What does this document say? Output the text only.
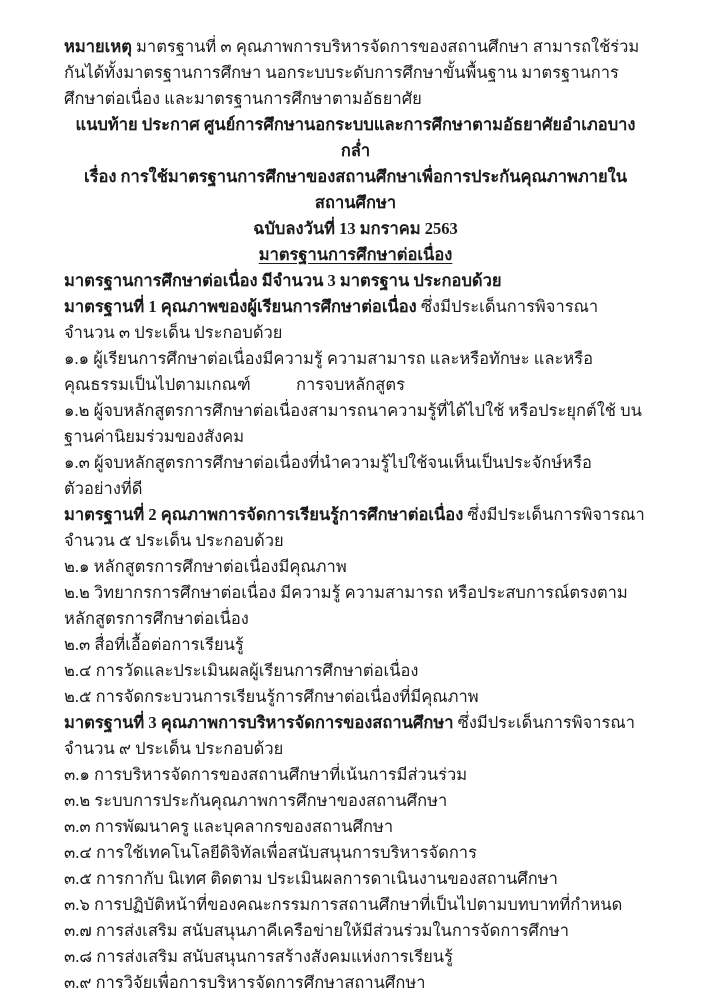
หมายเหตุ มาตรฐานที่ ๓ คุณภาพการบริหารจัดการของสถานศึกษา สามารถใช้ร่วมกันได้ทั้งมาตรฐานการศึกษา นอกระบบระดับการศึกษาขั้นพื้นฐาน มาตรฐานการศึกษาต่อเนื่อง และมาตรฐานการศึกษาตามอัธยาศัย

แนบท้าย ประกาศ ศูนย์การศึกษานอกระบบและการศึกษาตามอัธยาศัยอำเภอบางกล่ำ

เรื่อง การใช้มาตรฐานการศึกษาของสถานศึกษาเพื่อการประกันคุณภาพภายในสถานศึกษา

ฉบับลงวันที่ 13 มกราคม 2563

มาตรฐานการศึกษาต่อเนื่อง

มาตรฐานการศึกษาต่อเนื่อง มีจำนวน 3 มาตรฐาน ประกอบด้วย

มาตรฐานที่ 1 คุณภาพของผู้เรียนการศึกษาต่อเนื่อง ซึ่งมีประเด็นการพิจารณา จำนวน ๓ ประเด็น ประกอบด้วย

๑.๑ ผู้เรียนการศึกษาต่อเนื่องมีความรู้ ความสามารถ และหรือทักษะ และหรือคุณธรรมเป็นไปตามเกณฑ์           การจบหลักสูตร

๑.๒ ผู้จบหลักสูตรการศึกษาต่อเนื่องสามารถนาความรู้ที่ได้ไปใช้ หรือประยุกต์ใช้ บนฐานค่านิยมร่วมของสังคม

๑.๓ ผู้จบหลักสูตรการศึกษาต่อเนื่องที่นำความรู้ไปใช้จนเห็นเป็นประจักษ์หรือตัวอย่างที่ดี

มาตรฐานที่ 2 คุณภาพการจัดการเรียนรู้การศึกษาต่อเนื่อง ซึ่งมีประเด็นการพิจารณา จำนวน ๕ ประเด็น ประกอบด้วย

๒.๑ หลักสูตรการศึกษาต่อเนื่องมีคุณภาพ

๒.๒ วิทยากรการศึกษาต่อเนื่อง มีความรู้ ความสามารถ หรือประสบการณ์ตรงตามหลักสูตรการศึกษาต่อเนื่อง

๒.๓ สื่อที่เอื้อต่อการเรียนรู้

๒.๔ การวัดและประเมินผลผู้เรียนการศึกษาต่อเนื่อง

๒.๕ การจัดกระบวนการเรียนรู้การศึกษาต่อเนื่องที่มีคุณภาพ

มาตรฐานที่ 3 คุณภาพการบริหารจัดการของสถานศึกษา ซึ่งมีประเด็นการพิจารณา จำนวน ๙ ประเด็น ประกอบด้วย

๓.๑ การบริหารจัดการของสถานศึกษาที่เน้นการมีส่วนร่วม

๓.๒ ระบบการประกันคุณภาพการศึกษาของสถานศึกษา

๓.๓ การพัฒนาครู และบุคลากรของสถานศึกษา

๓.๔ การใช้เทคโนโลยีดิจิทัลเพื่อสนับสนุนการบริหารจัดการ

๓.๕ การกากับ นิเทศ ติดตาม ประเมินผลการดาเนินงานของสถานศึกษา

๓.๖ การปฏิบัติหน้าที่ของคณะกรรมการสถานศึกษาที่เป็นไปตามบทบาทที่กำหนด

๓.๗ การส่งเสริม สนับสนุนภาคีเครือข่ายให้มีส่วนร่วมในการจัดการศึกษา

๓.๘ การส่งเสริม สนับสนุนการสร้างสังคมแห่งการเรียนรู้

๓.๙ การวิจัยเพื่อการบริหารจัดการศึกษาสถานศึกษา
